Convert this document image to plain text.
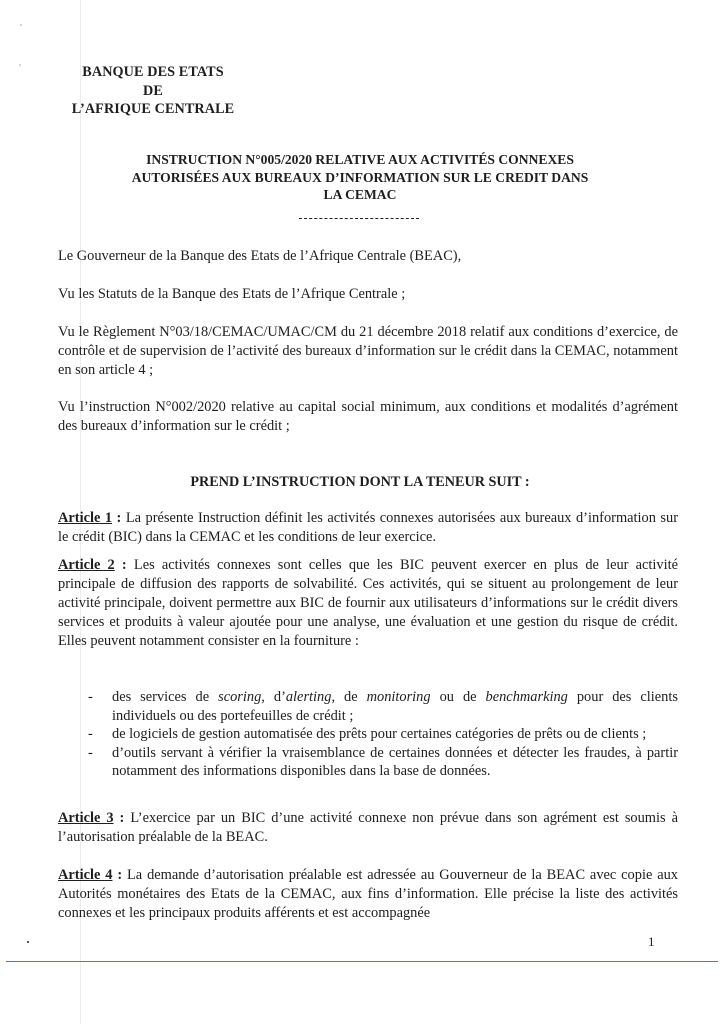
BANQUE DES ETATS
DE
L’AFRIQUE CENTRALE
INSTRUCTION N°005/2020 RELATIVE AUX ACTIVITÉS CONNEXES
AUTORISÉES AUX BUREAUX D’INFORMATION SUR LE CREDIT DANS
LA CEMAC
Le Gouverneur de la Banque des Etats de l’Afrique Centrale (BEAC),
Vu les Statuts de la Banque des Etats de l’Afrique Centrale ;
Vu le Règlement N°03/18/CEMAC/UMAC/CM du 21 décembre 2018 relatif aux conditions d’exercice, de contrôle et de supervision de l’activité des bureaux d’information sur le crédit dans la CEMAC, notamment en son article 4 ;
Vu l’instruction N°002/2020 relative au capital social minimum, aux conditions et modalités d’agrément des bureaux d’information sur le crédit ;
PREND L’INSTRUCTION DONT LA TENEUR SUIT :
Article 1 : La présente Instruction définit les activités connexes autorisées aux bureaux d’information sur le crédit (BIC) dans la CEMAC et les conditions de leur exercice.
Article 2 : Les activités connexes sont celles que les BIC peuvent exercer en plus de leur activité principale de diffusion des rapports de solvabilité. Ces activités, qui se situent au prolongement de leur activité principale, doivent permettre aux BIC de fournir aux utilisateurs d’informations sur le crédit divers services et produits à valeur ajoutée pour une analyse, une évaluation et une gestion du risque de crédit. Elles peuvent notamment consister en la fourniture :
- des services de scoring, d’alerting, de monitoring ou de benchmarking pour des clients individuels ou des portefeuilles de crédit ;
- de logiciels de gestion automatisée des prêts pour certaines catégories de prêts ou de clients ;
- d’outils servant à vérifier la vraisemblance de certaines données et détecter les fraudes, à partir notamment des informations disponibles dans la base de données.
Article 3 : L’exercice par un BIC d’une activité connexe non prévue dans son agrément est soumis à l’autorisation préalable de la BEAC.
Article 4 : La demande d’autorisation préalable est adressée au Gouverneur de la BEAC avec copie aux Autorités monétaires des Etats de la CEMAC, aux fins d’information. Elle précise la liste des activités connexes et les principaux produits afférents et est accompagnée
1
